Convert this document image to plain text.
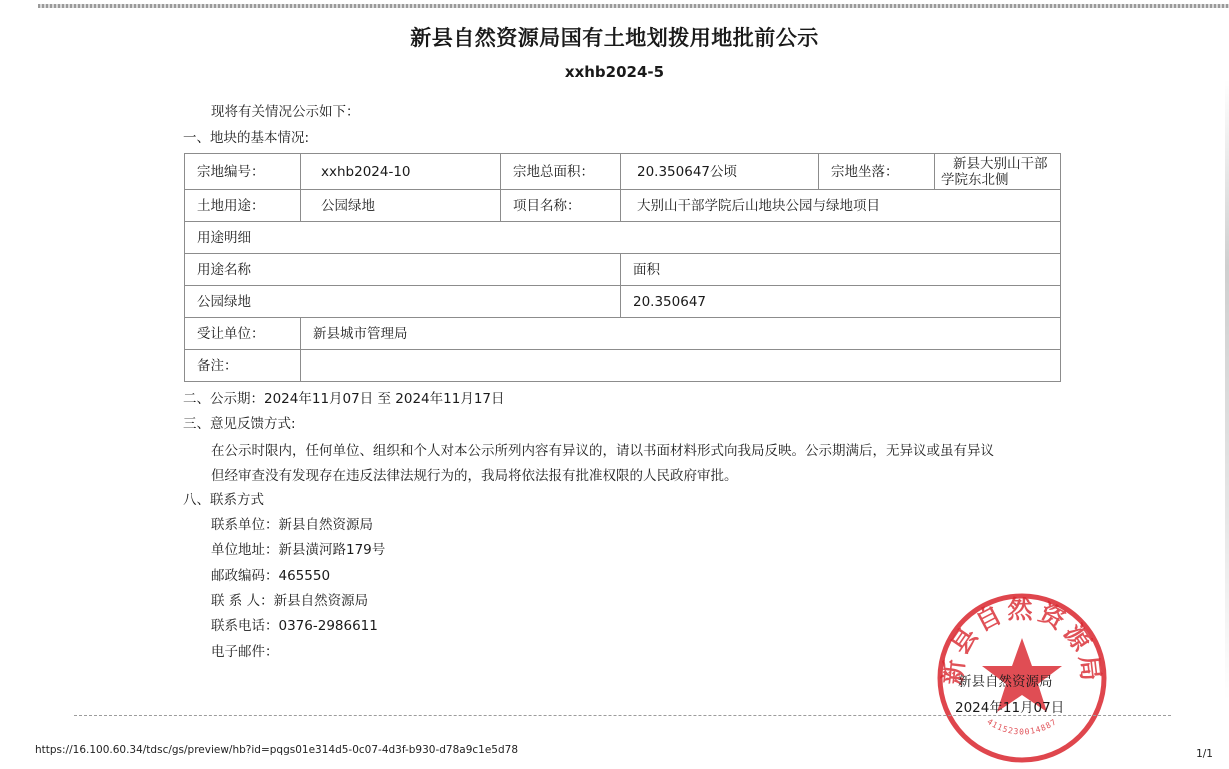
新县自然资源局国有土地划拨用地批前公示
xxhb2024-5
现将有关情况公示如下：
一、地块的基本情况:
宗地编号：	xxhb2024-10	宗地总面积：	20.350647公顷	宗地坐落：	新县大别山干部
学院东北侧

土地用途：	公园绿地	项目名称：	大别山干部学院后山地块公园与绿地项目		
用途明细					
用途名称			面积		
公园绿地			20.350647		
受让单位：	新县城市管理局				
备注：					
二、公示期：2024年11月07日 至 2024年11月17日
三、意见反馈方式:
在公示时限内，任何单位、组织和个人对本公示所列内容有异议的，请以书面材料形式向我局反映。公示期满后，无异议或虽有异议
但经审查没有发现存在违反法律法规行为的，我局将依法报有批准权限的人民政府审批。
八、联系方式
联系单位：新县自然资源局
单位地址：新县潢河路179号
邮政编码：465550
联 系 人：新县自然资源局
联系电话：0376-2986611
电子邮件：
新县自然资源局
4115230014887
新县自然资源局
2024年11月07日
https://16.100.60.34/tdsc/gs/preview/hb?id=pqgs01e314d5-0c07-4d3f-b930-d78a9c1e5d78	1/1
